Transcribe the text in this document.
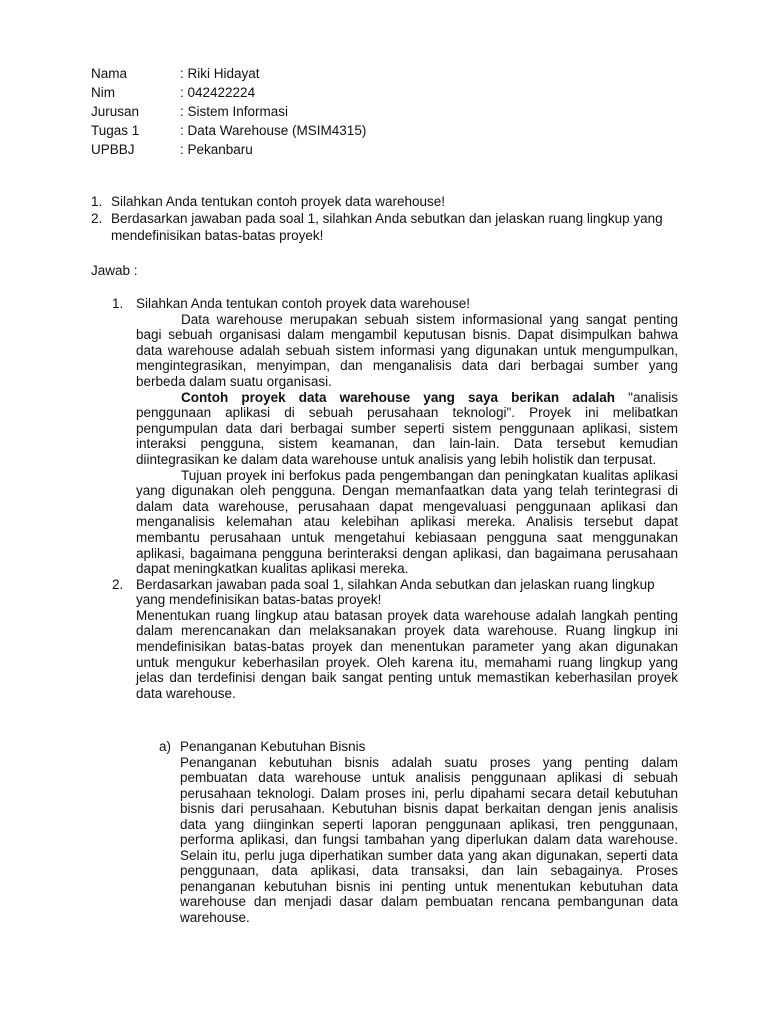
Nama	: Riki Hidayat
Nim	: 042422224
Jurusan	: Sistem Informasi
Tugas 1	: Data Warehouse (MSIM4315)
UPBBJ	: Pekanbaru
1. Silahkan Anda tentukan contoh proyek data warehouse!
2. Berdasarkan jawaban pada soal 1, silahkan Anda sebutkan dan jelaskan ruang lingkup yang mendefinisikan batas-batas proyek!
Jawab :
1. Silahkan Anda tentukan contoh proyek data warehouse!

Data warehouse merupakan sebuah sistem informasional yang sangat penting bagi sebuah organisasi dalam mengambil keputusan bisnis. Dapat disimpulkan bahwa data warehouse adalah sebuah sistem informasi yang digunakan untuk mengumpulkan, mengintegrasikan, menyimpan, dan menganalisis data dari berbagai sumber yang berbeda dalam suatu organisasi.

Contoh proyek data warehouse yang saya berikan adalah "analisis penggunaan aplikasi di sebuah perusahaan teknologi". Proyek ini melibatkan pengumpulan data dari berbagai sumber seperti sistem penggunaan aplikasi, sistem interaksi pengguna, sistem keamanan, dan lain-lain. Data tersebut kemudian diintegrasikan ke dalam data warehouse untuk analisis yang lebih holistik dan terpusat.

Tujuan proyek ini berfokus pada pengembangan dan peningkatan kualitas aplikasi yang digunakan oleh pengguna. Dengan memanfaatkan data yang telah terintegrasi di dalam data warehouse, perusahaan dapat mengevaluasi penggunaan aplikasi dan menganalisis kelemahan atau kelebihan aplikasi mereka. Analisis tersebut dapat membantu perusahaan untuk mengetahui kebiasaan pengguna saat menggunakan aplikasi, bagaimana pengguna berinteraksi dengan aplikasi, dan bagaimana perusahaan dapat meningkatkan kualitas aplikasi mereka.

2. Berdasarkan jawaban pada soal 1, silahkan Anda sebutkan dan jelaskan ruang lingkup yang mendefinisikan batas-batas proyek!

Menentukan ruang lingkup atau batasan proyek data warehouse adalah langkah penting dalam merencanakan dan melaksanakan proyek data warehouse. Ruang lingkup ini mendefinisikan batas-batas proyek dan menentukan parameter yang akan digunakan untuk mengukur keberhasilan proyek. Oleh karena itu, memahami ruang lingkup yang jelas dan terdefinisi dengan baik sangat penting untuk memastikan keberhasilan proyek data warehouse.

a) Penanganan Kebutuhan Bisnis

Penanganan kebutuhan bisnis adalah suatu proses yang penting dalam pembuatan data warehouse untuk analisis penggunaan aplikasi di sebuah perusahaan teknologi. Dalam proses ini, perlu dipahami secara detail kebutuhan bisnis dari perusahaan. Kebutuhan bisnis dapat berkaitan dengan jenis analisis data yang diinginkan seperti laporan penggunaan aplikasi, tren penggunaan, performa aplikasi, dan fungsi tambahan yang diperlukan dalam data warehouse. Selain itu, perlu juga diperhatikan sumber data yang akan digunakan, seperti data penggunaan, data aplikasi, data transaksi, dan lain sebagainya. Proses penanganan kebutuhan bisnis ini penting untuk menentukan kebutuhan data warehouse dan menjadi dasar dalam pembuatan rencana pembangunan data warehouse.
